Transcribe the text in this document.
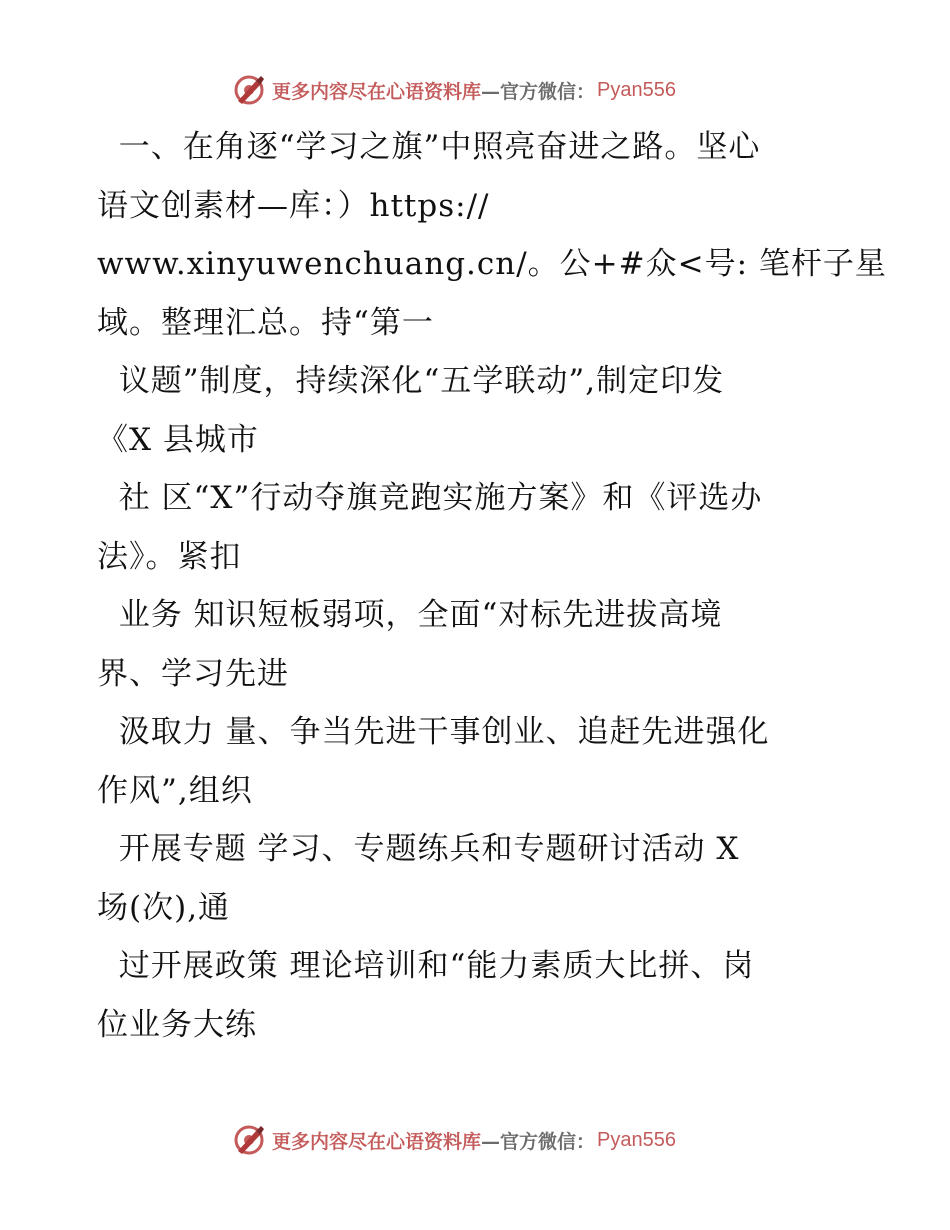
更多内容尽在心语资料库 —官方微信： Pyan556
一、在角逐“学习之旗”中照亮奋进之路。坚心
语文创素材—库：）https://
www.xinyuwenchuang.cn/。公+#众<号: 笔杆子星
域。整理汇总。持“第一
议题”制度，持续深化“五学联动”,制定印发
《X 县城市
社 区“X”行动夺旗竞跑实施方案》和《评选办
法》。紧扣
业务 知识短板弱项，全面“对标先进拔高境
界、学习先进
汲取力 量、争当先进干事创业、追赶先进强化
作风”,组织
开展专题 学习、专题练兵和专题研讨活动 X
场(次),通
过开展政策 理论培训和“能力素质大比拼、岗
位业务大练
更多内容尽在心语资料库 —官方微信： Pyan556
